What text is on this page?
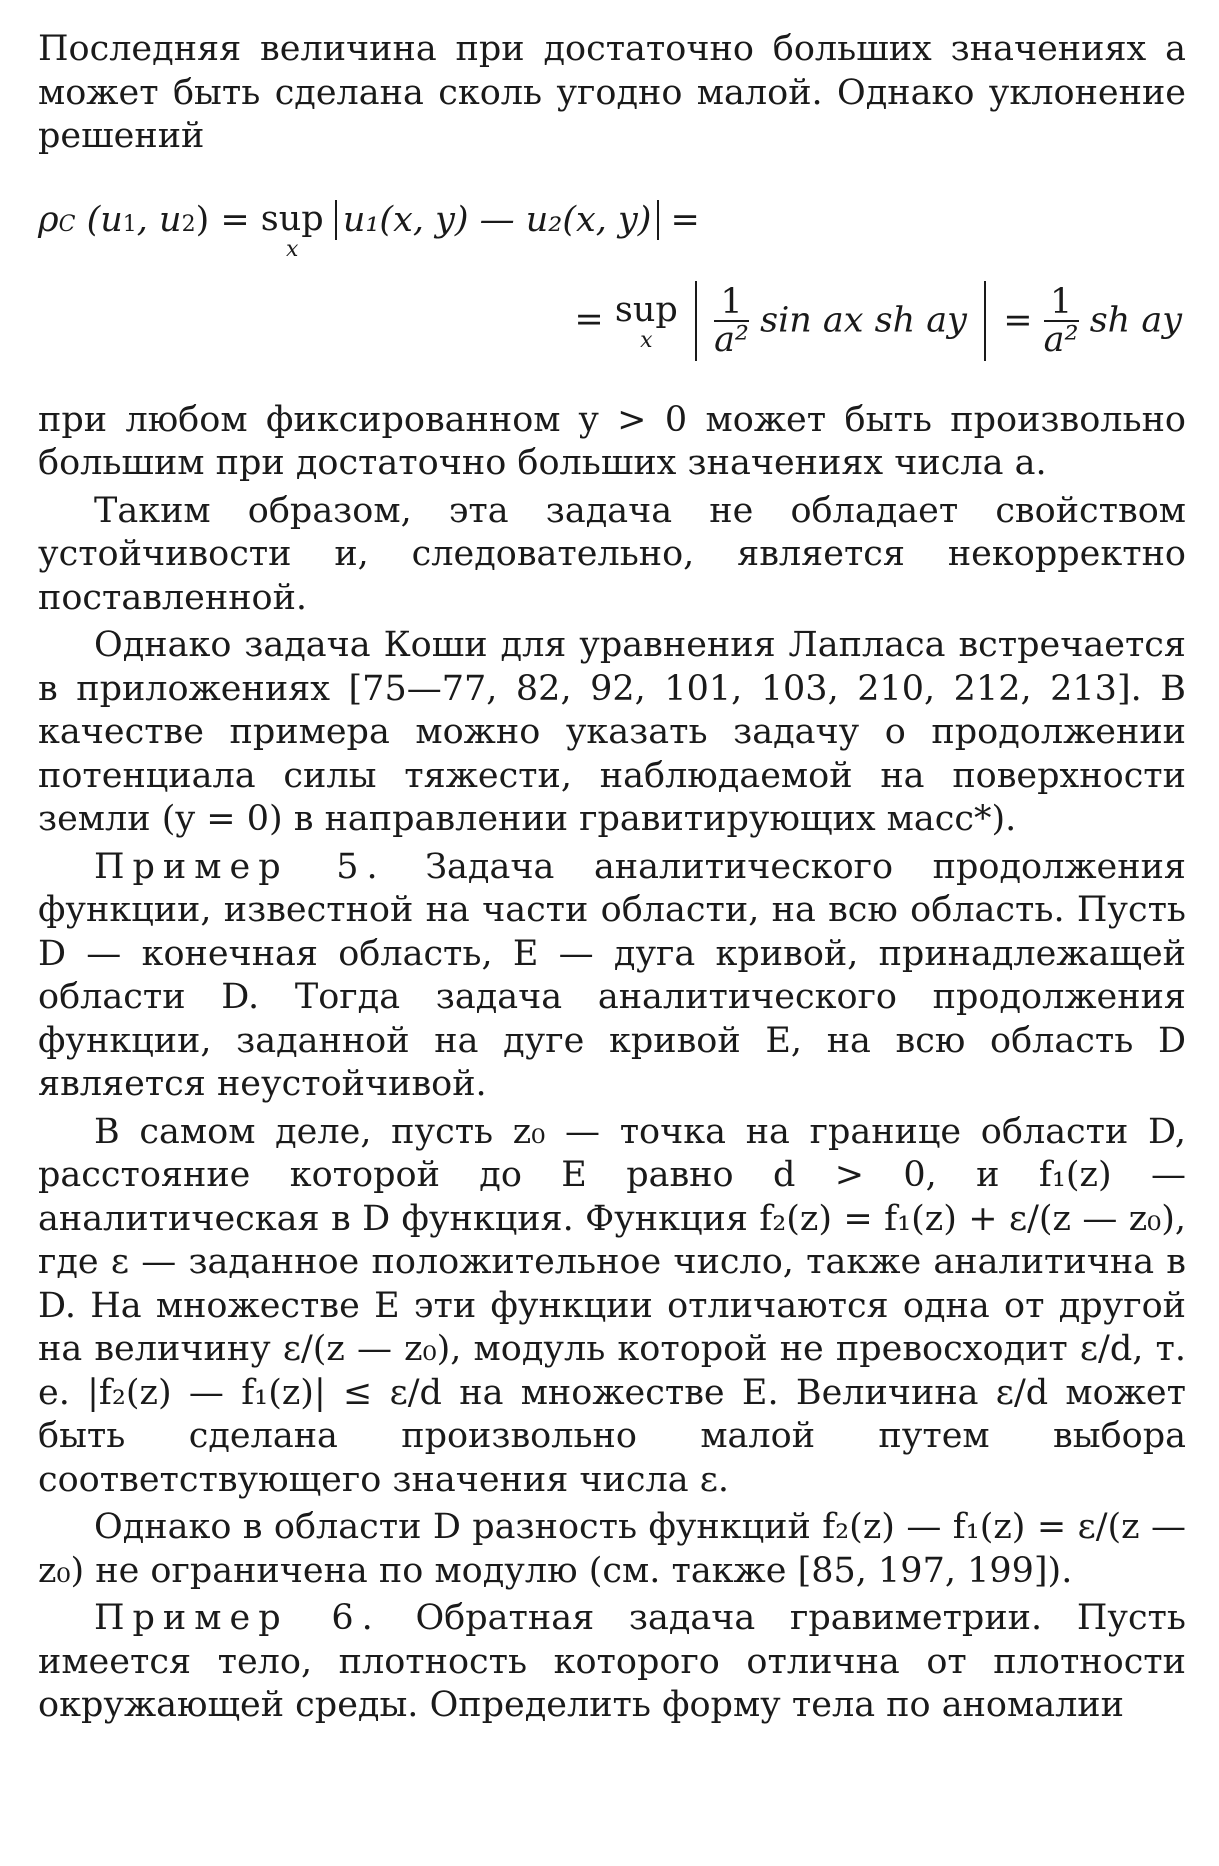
Последняя величина при достаточно больших значениях a может быть сделана сколь угодно малой. Однако уклонение решений

ρC (u1, u2) = sup
x
u₁(x, y) — u₂(x, y) =
= sup
x
	$\frac{1}{\text{a²}}$ sin ax sh ay  = $\frac{1}{\text{a²}}$ sh ay

при любом фиксированном y > 0 может быть произвольно большим при достаточно больших значениях числа a.

Таким образом, эта задача не обладает свойством устойчивости и, следовательно, является некорректно поставленной.

Однако задача Коши для уравнения Лапласа встречается в приложениях [75—77, 82, 92, 101, 103, 210, 212, 213]. В качестве примера можно указать задачу о продолжении потенциала силы тяжести, наблюдаемой на поверхности земли (y = 0) в направлении гравитирующих масс*).

Пример 5. Задача аналитического продолжения функции, известной на части области, на всю область. Пусть D — конечная область, E — дуга кривой, принадлежащей области D. Тогда задача аналитического продолжения функции, заданной на дуге кривой E, на всю область D является неустойчивой.

В самом деле, пусть z₀ — точка на границе области D, расстояние которой до E равно d > 0, и f₁(z) — аналитическая в D функция. Функция f₂(z) = f₁(z) + ε/(z — z₀), где ε — заданное положительное число, также аналитична в D. На множестве E эти функции отличаются одна от другой на величину ε/(z — z₀), модуль которой не превосходит ε/d, т. е. |f₂(z) — f₁(z)| ≤ ε/d на множестве E. Величина ε/d может быть сделана произвольно малой путем выбора соответствующего значения числа ε.

Однако в области D разность функций f₂(z) — f₁(z) = ε/(z — z₀) не ограничена по модулю (см. также [85, 197, 199]).

Пример 6. Обратная задача гравиметрии. Пусть имеется тело, плотность которого отлична от плотности окружающей среды. Определить форму тела по аномалии
